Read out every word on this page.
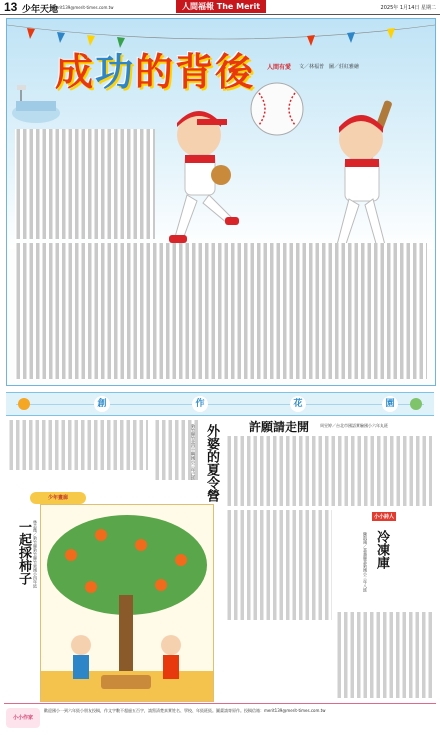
13 少年天地
merit139@merit-times.com.tw	人間福報 The Merit	2025年 1月14日 星期二
成功的背後 人間有愛 文／林福普　圖／莊紅雅繪
創	作	花	園
外婆的夏令營
新竹縣竹北市十興國小三年己班
少年畫廊
一起採柿子 林芸溦／新竹縣新竹縣竹東國小四年級
許願請走開	周昱婷／台北市國語實驗國小六年丸班
小小詩人
冷凍庫
陳凱鴻／嘉義縣嘉新國小三年八班
小小作家
歡迎國小一到六年級小朋友投稿，作文字數不超過五百字，請寫清楚真實姓名、學校、年級班級。圖畫請寄原作。投稿信箱：merit139@merit-times.com.tw
